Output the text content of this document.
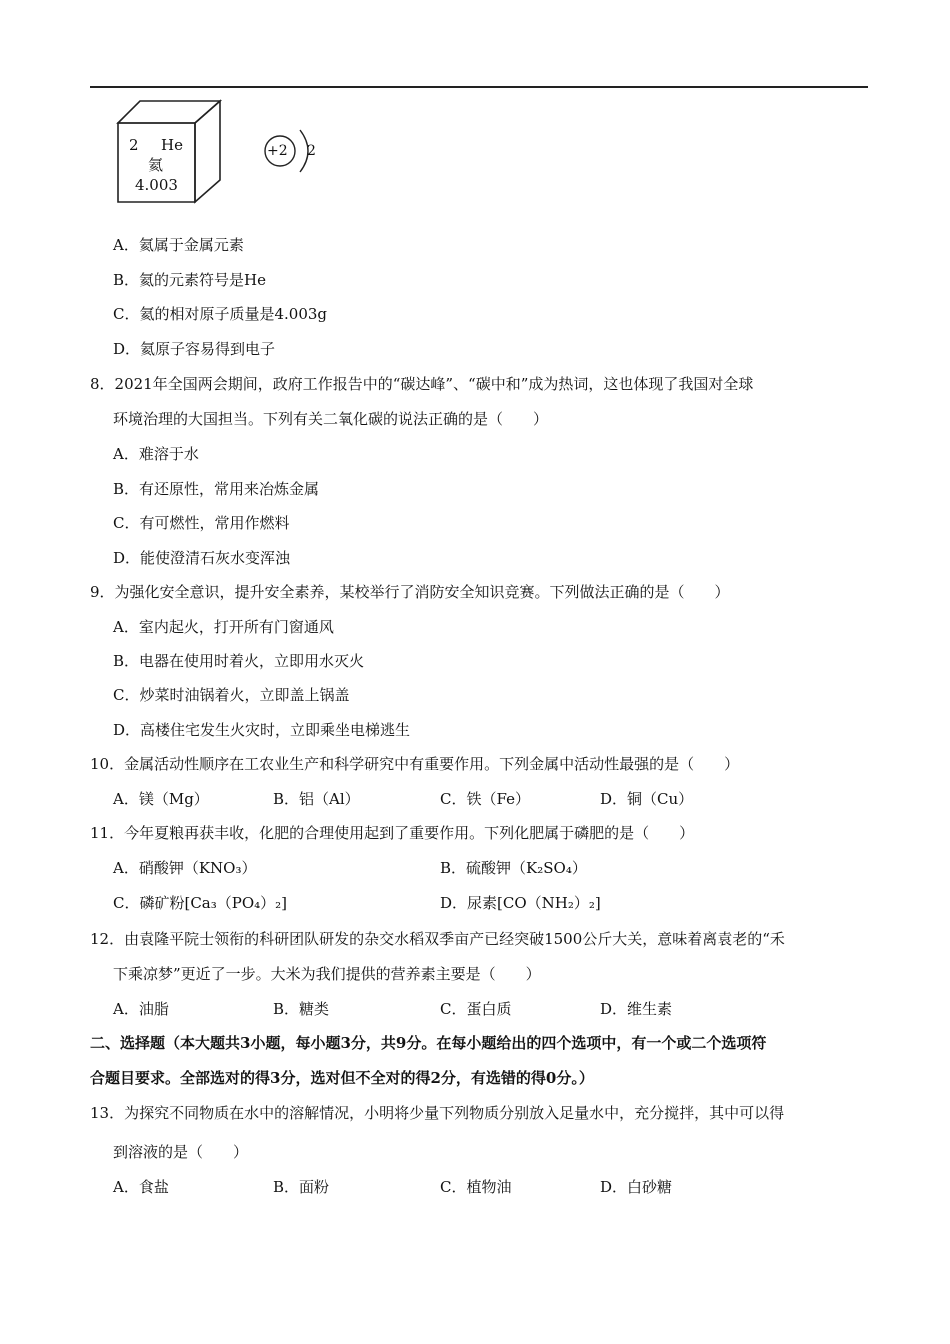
2 He
氦
4.003
+2 2
A．氦属于金属元素
B．氦的元素符号是He
C．氦的相对原子质量是4.003g
D．氦原子容易得到电子
8．2021年全国两会期间，政府工作报告中的“碳达峰”、“碳中和”成为热词，这也体现了我国对全球
环境治理的大国担当。下列有关二氧化碳的说法正确的是（　　）
A．难溶于水
B．有还原性，常用来冶炼金属
C．有可燃性，常用作燃料
D．能使澄清石灰水变浑浊
9．为强化安全意识，提升安全素养，某校举行了消防安全知识竞赛。下列做法正确的是（　　）
A．室内起火，打开所有门窗通风
B．电器在使用时着火，立即用水灭火
C．炒菜时油锅着火，立即盖上锅盖
D．高楼住宅发生火灾时，立即乘坐电梯逃生
10．金属活动性顺序在工农业生产和科学研究中有重要作用。下列金属中活动性最强的是（　　）
A．镁（Mg）	B．铝（Al）	C．铁（Fe）	D．铜（Cu）
11．今年夏粮再获丰收，化肥的合理使用起到了重要作用。下列化肥属于磷肥的是（　　）
A．硝酸钾（KNO₃）	B．硫酸钾（K₂SO₄）
C．磷矿粉[Ca₃（PO₄）₂]	D．尿素[CO（NH₂）₂]
12．由袁隆平院士领衔的科研团队研发的杂交水稻双季亩产已经突破1500公斤大关，意味着离袁老的“禾
下乘凉梦”更近了一步。大米为我们提供的营养素主要是（　　）
A．油脂	B．糖类	C．蛋白质	D．维生素
二、选择题（本大题共3小题，每小题3分，共9分。在每小题给出的四个选项中，有一个或二个选项符
合题目要求。全部选对的得3分，选对但不全对的得2分，有选错的得0分。）
13．为探究不同物质在水中的溶解情况，小明将少量下列物质分别放入足量水中，充分搅拌，其中可以得
到溶液的是（　　）
A．食盐	B．面粉	C．植物油	D．白砂糖
